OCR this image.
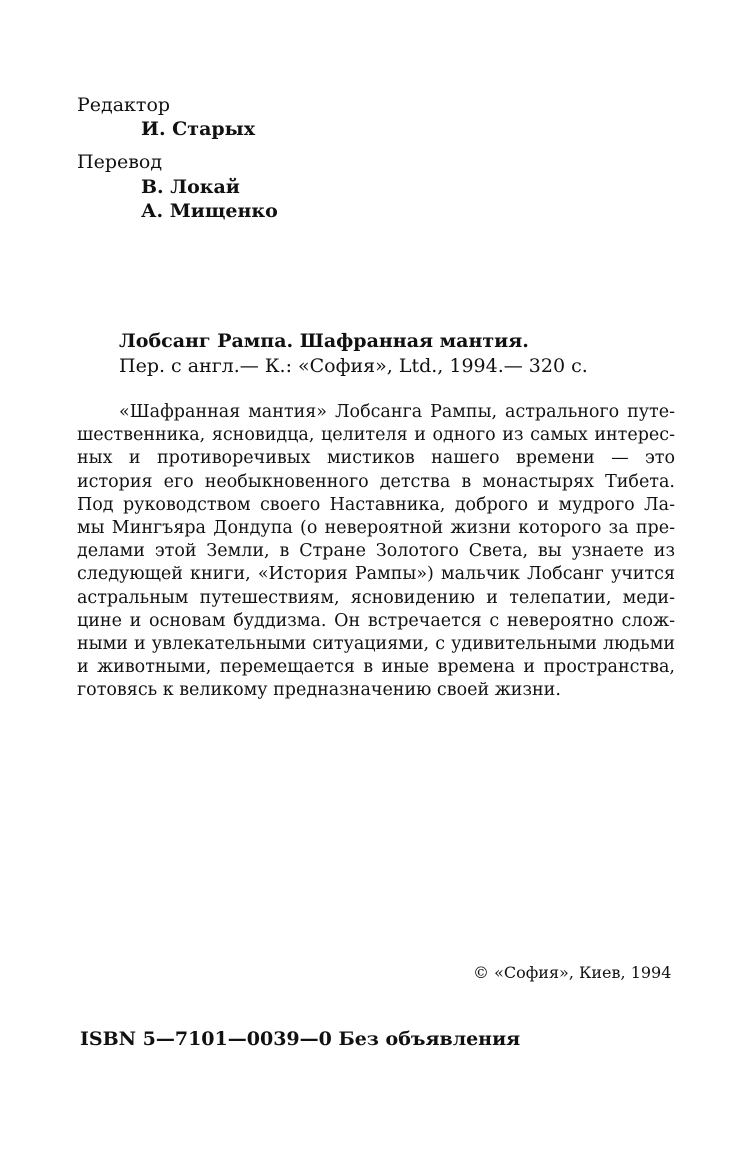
Редактор
И. Старых
Перевод
В. Локай
А. Мищенко
Лобсанг Рампа. Шафранная мантия.
Пер. с англ.— К.: «София», Ltd., 1994.— 320 с.
«Шафранная мантия» Лобсанга Рампы, астрального путе-
шественника, ясновидца, целителя и одного из самых интерес-
ных и противоречивых мистиков нашего времени — это
история его необыкновенного детства в монастырях Тибета.
Под руководством своего Наставника, доброго и мудрого Ла-
мы Мингъяра Дондупа (о невероятной жизни которого за пре-
делами этой Земли, в Стране Золотого Света, вы узнаете из
следующей книги, «История Рампы») мальчик Лобсанг учится
астральным путешествиям, ясновидению и телепатии, меди-
цине и основам буддизма. Он встречается с невероятно слож-
ными и увлекательными ситуациями, с удивительными людьми
и животными, перемещается в иные времена и пространства,
готовясь к великому предназначению своей жизни.
© «София», Киев, 1994
ISBN 5—7101—0039—0 Без объявления
